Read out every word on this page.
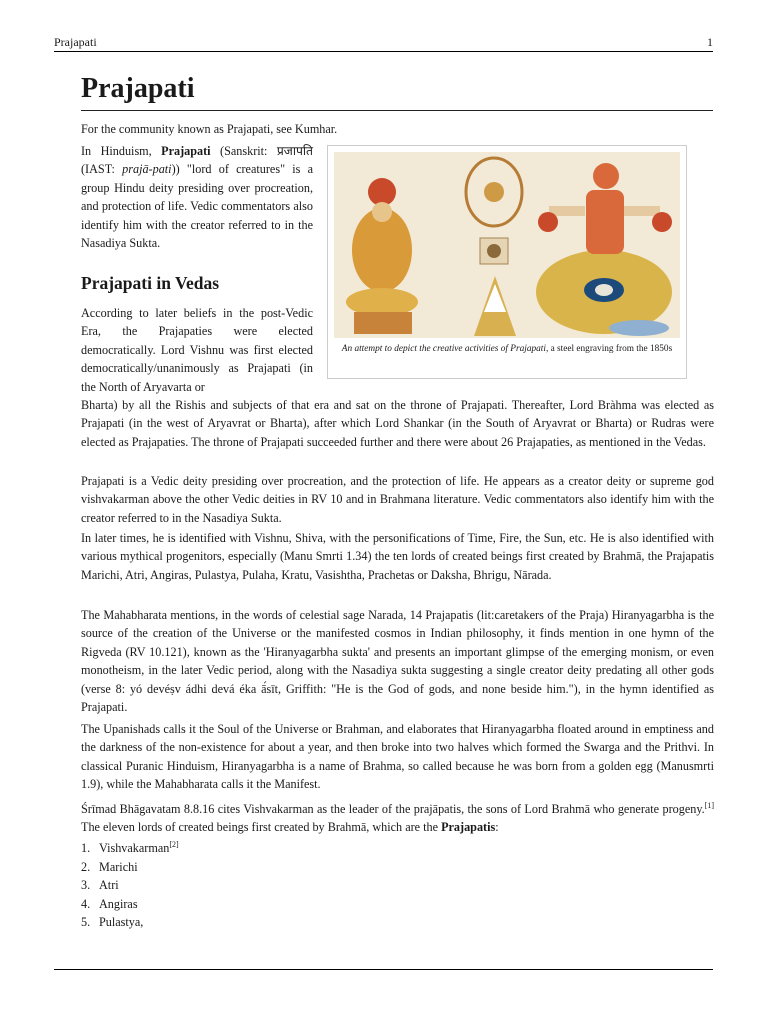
Prajapati	1
Prajapati

For the community known as Prajapati, see Kumhar.

In Hinduism, Prajapati (Sanskrit: प्रजापति (IAST: prajā-pati)) "lord of creatures" is a group Hindu deity presiding over procreation, and protection of life. Vedic commentators also identify him with the creator referred to in the Nasadiya Sukta.

An attempt to depict the creative activities of Prajapati, a steel engraving from the 1850s
Prajapati in Vedas

According to later beliefs in the post-Vedic Era, the Prajapaties were elected democratically. Lord Vishnu was first elected democratically/unanimously as Prajapati (in the North of Aryavarta or

Bharta) by all the Rishis and subjects of that era and sat on the throne of Prajapati. Thereafter, Lord Bràhma was elected as Prajapati (in the west of Aryavrat or Bharta), after which Lord Shankar (in the South of Aryavrat or Bharta) or Rudras were elected as Prajapaties. The throne of Prajapati succeeded further and there were about 26 Prajapaties, as mentioned in the Vedas.

Prajapati is a Vedic deity presiding over procreation, and the protection of life. He appears as a creator deity or supreme god vishvakarman above the other Vedic deities in RV 10 and in Brahmana literature. Vedic commentators also identify him with the creator referred to in the Nasadiya Sukta.

In later times, he is identified with Vishnu, Shiva, with the personifications of Time, Fire, the Sun, etc. He is also identified with various mythical progenitors, especially (Manu Smrti 1.34) the ten lords of created beings first created by Brahmā, the Prajapatis Marichi, Atri, Angiras, Pulastya, Pulaha, Kratu, Vasishtha, Prachetas or Daksha, Bhrigu, Nārada.

The Mahabharata mentions, in the words of celestial sage Narada, 14 Prajapatis (lit:caretakers of the Praja) Hiranyagarbha is the source of the creation of the Universe or the manifested cosmos in Indian philosophy, it finds mention in one hymn of the Rigveda (RV 10.121), known as the 'Hiranyagarbha sukta' and presents an important glimpse of the emerging monism, or even monotheism, in the later Vedic period, along with the Nasadiya sukta suggesting a single creator deity predating all other gods (verse 8: yó devéṣv ádhi devá éka ā́sīt, Griffith: "He is the God of gods, and none beside him."), in the hymn identified as Prajapati.

The Upanishads calls it the Soul of the Universe or Brahman, and elaborates that Hiranyagarbha floated around in emptiness and the darkness of the non-existence for about a year, and then broke into two halves which formed the Swarga and the Prithvi. In classical Puranic Hinduism, Hiranyagarbha is a name of Brahma, so called because he was born from a golden egg (Manusmrti 1.9), while the Mahabharata calls it the Manifest.

Śrīmad Bhāgavatam 8.8.16 cites Vishvakarman as the leader of the prajāpatis, the sons of Lord Brahmā who generate progeny.[1] The eleven lords of created beings first created by Brahmā, which are the Prajapatis:

1. Vishvakarman[2]
2. Marichi
3. Atri
4. Angiras
5. Pulastya,
